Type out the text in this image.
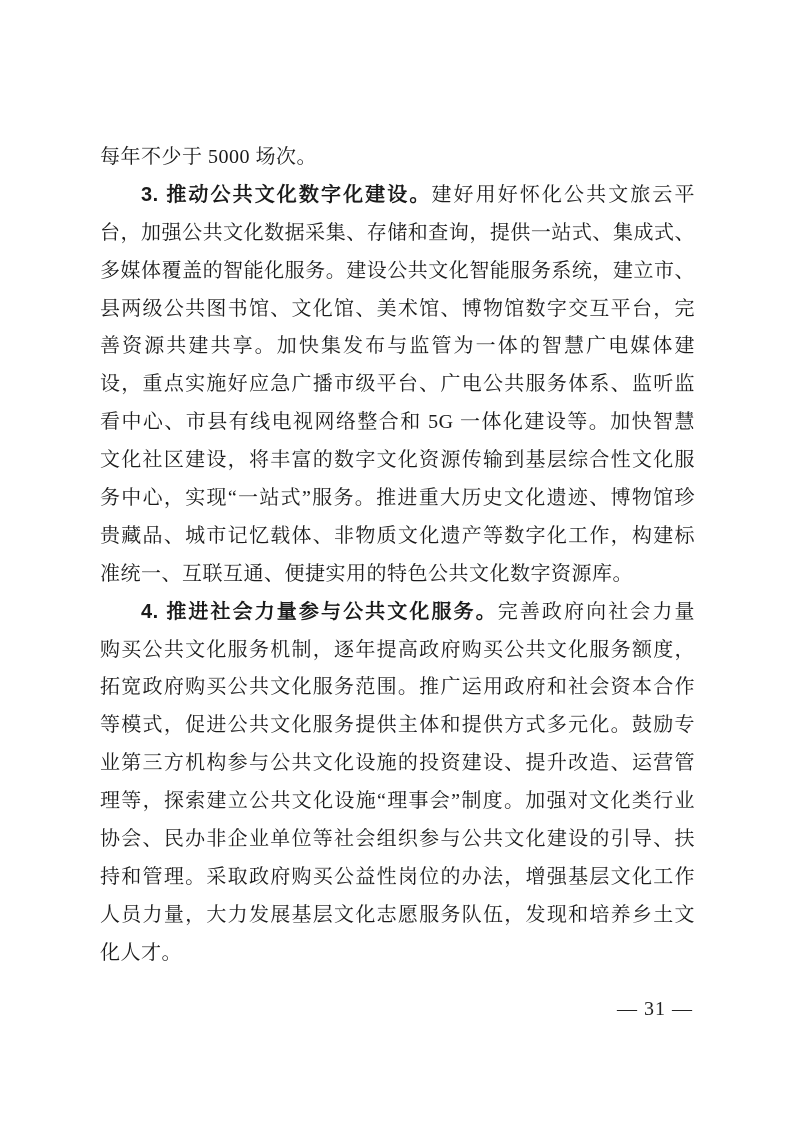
每年不少于 5000 场次。
3. 推动公共文化数字化建设。建好用好怀化公共文旅云平
台，加强公共文化数据采集、存储和查询，提供一站式、集成式、
多媒体覆盖的智能化服务。建设公共文化智能服务系统，建立市、
县两级公共图书馆、文化馆、美术馆、博物馆数字交互平台，完
善资源共建共享。加快集发布与监管为一体的智慧广电媒体建
设，重点实施好应急广播市级平台、广电公共服务体系、监听监
看中心、市县有线电视网络整合和 5G 一体化建设等。加快智慧
文化社区建设，将丰富的数字文化资源传输到基层综合性文化服
务中心，实现“一站式”服务。推进重大历史文化遗迹、博物馆珍
贵藏品、城市记忆载体、非物质文化遗产等数字化工作，构建标
准统一、互联互通、便捷实用的特色公共文化数字资源库。
4. 推进社会力量参与公共文化服务。完善政府向社会力量
购买公共文化服务机制，逐年提高政府购买公共文化服务额度，
拓宽政府购买公共文化服务范围。推广运用政府和社会资本合作
等模式，促进公共文化服务提供主体和提供方式多元化。鼓励专
业第三方机构参与公共文化设施的投资建设、提升改造、运营管
理等，探索建立公共文化设施“理事会”制度。加强对文化类行业
协会、民办非企业单位等社会组织参与公共文化建设的引导、扶
持和管理。采取政府购买公益性岗位的办法，增强基层文化工作
人员力量，大力发展基层文化志愿服务队伍，发现和培养乡土文
化人才。
— 31 —
